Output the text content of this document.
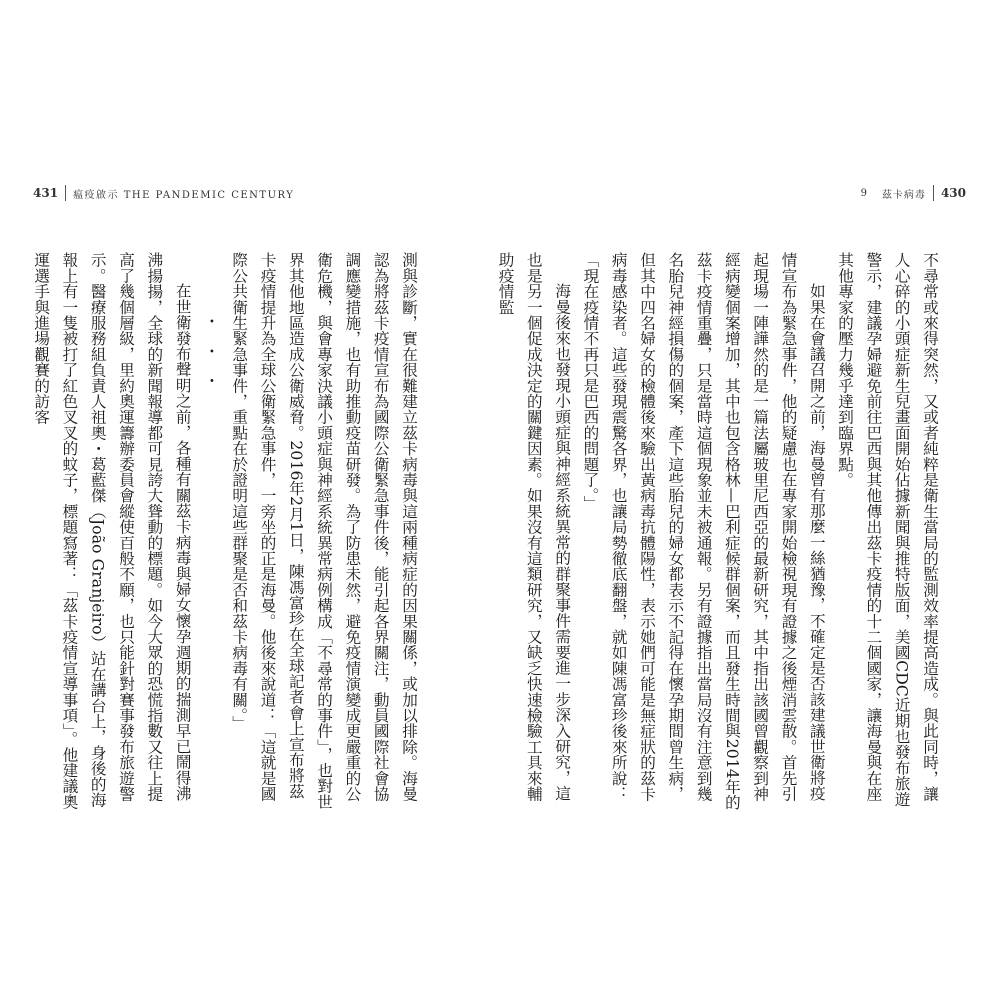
431 瘟疫啟示 THE PANDEMIC CENTURY	9 茲卡病毒 430

不尋常或來得突然，又或者純粹是衛生當局的監測效率提高造成。與此同時，讓人心碎的小頭症新生兒畫面開始佔據新聞與推特版面，美國CDC近期也發布旅遊警示，建議孕婦避免前往巴西與其他傳出茲卡疫情的十二個國家，讓海曼與在座其他專家的壓力幾乎達到臨界點。

如果在會議召開之前，海曼曾有那麼一絲猶豫，不確定是否該建議世衛將疫情宣布為緊急事件，他的疑慮也在專家開始檢視現有證據之後煙消雲散。首先引起現場一陣譁然的是一篇法屬玻里尼西亞的最新研究，其中指出該國曾觀察到神經病變個案增加，其中也包含格林—巴利症候群個案，而且發生時間與2014年的茲卡疫情重疊，只是當時這個現象並未被通報。另有證據指出當局沒有注意到幾名胎兒神經損傷的個案，產下這些胎兒的婦女都表示不記得在懷孕期間曾生病，但其中四名婦女的檢體後來驗出黃病毒抗體陽性，表示她們可能是無症狀的茲卡病毒感染者。這些發現震驚各界，也讓局勢徹底翻盤，就如陳馮富珍後來所說：「現在疫情不再只是巴西的問題了。」

海曼後來也發現小頭症與神經系統異常的群聚事件需要進一步深入研究，這也是另一個促成決定的關鍵因素。如果沒有這類研究，又缺乏快速檢驗工具來輔助疫情監

測與診斷，實在很難建立茲卡病毒與這兩種病症的因果關係，或加以排除。海曼認為將茲卡疫情宣布為國際公衛緊急事件後，能引起各界關注，動員國際社會協調應變措施，也有助推動疫苗研發。為了防患未然，避免疫情演變成更嚴重的公衛危機，與會專家決議小頭症與神經系統異常病例構成「不尋常的事件」，也對世界其他地區造成公衛威脅。2016年2月1日，陳馮富珍在全球記者會上宣布將茲卡疫情提升為全球公衛緊急事件，一旁坐的正是海曼。他後來說道：「這就是國際公共衛生緊急事件，重點在於證明這些群聚是否和茲卡病毒有關。」

・・・

在世衛發布聲明之前，各種有關茲卡病毒與婦女懷孕週期的揣測早已鬧得沸沸揚揚，全球的新聞報導都可見誇大聳動的標題。如今大眾的恐慌指數又往上提高了幾個層級，里約奧運籌辦委員會縱使百般不願，也只能針對賽事發布旅遊警示。醫療服務組負責人祖奧・葛藍傑（João Granjeiro）站在講台上，身後的海報上有一隻被打了紅色叉叉的蚊子，標題寫著：「茲卡疫情宣導事項」。他建議奧運選手與進場觀賽的訪客
